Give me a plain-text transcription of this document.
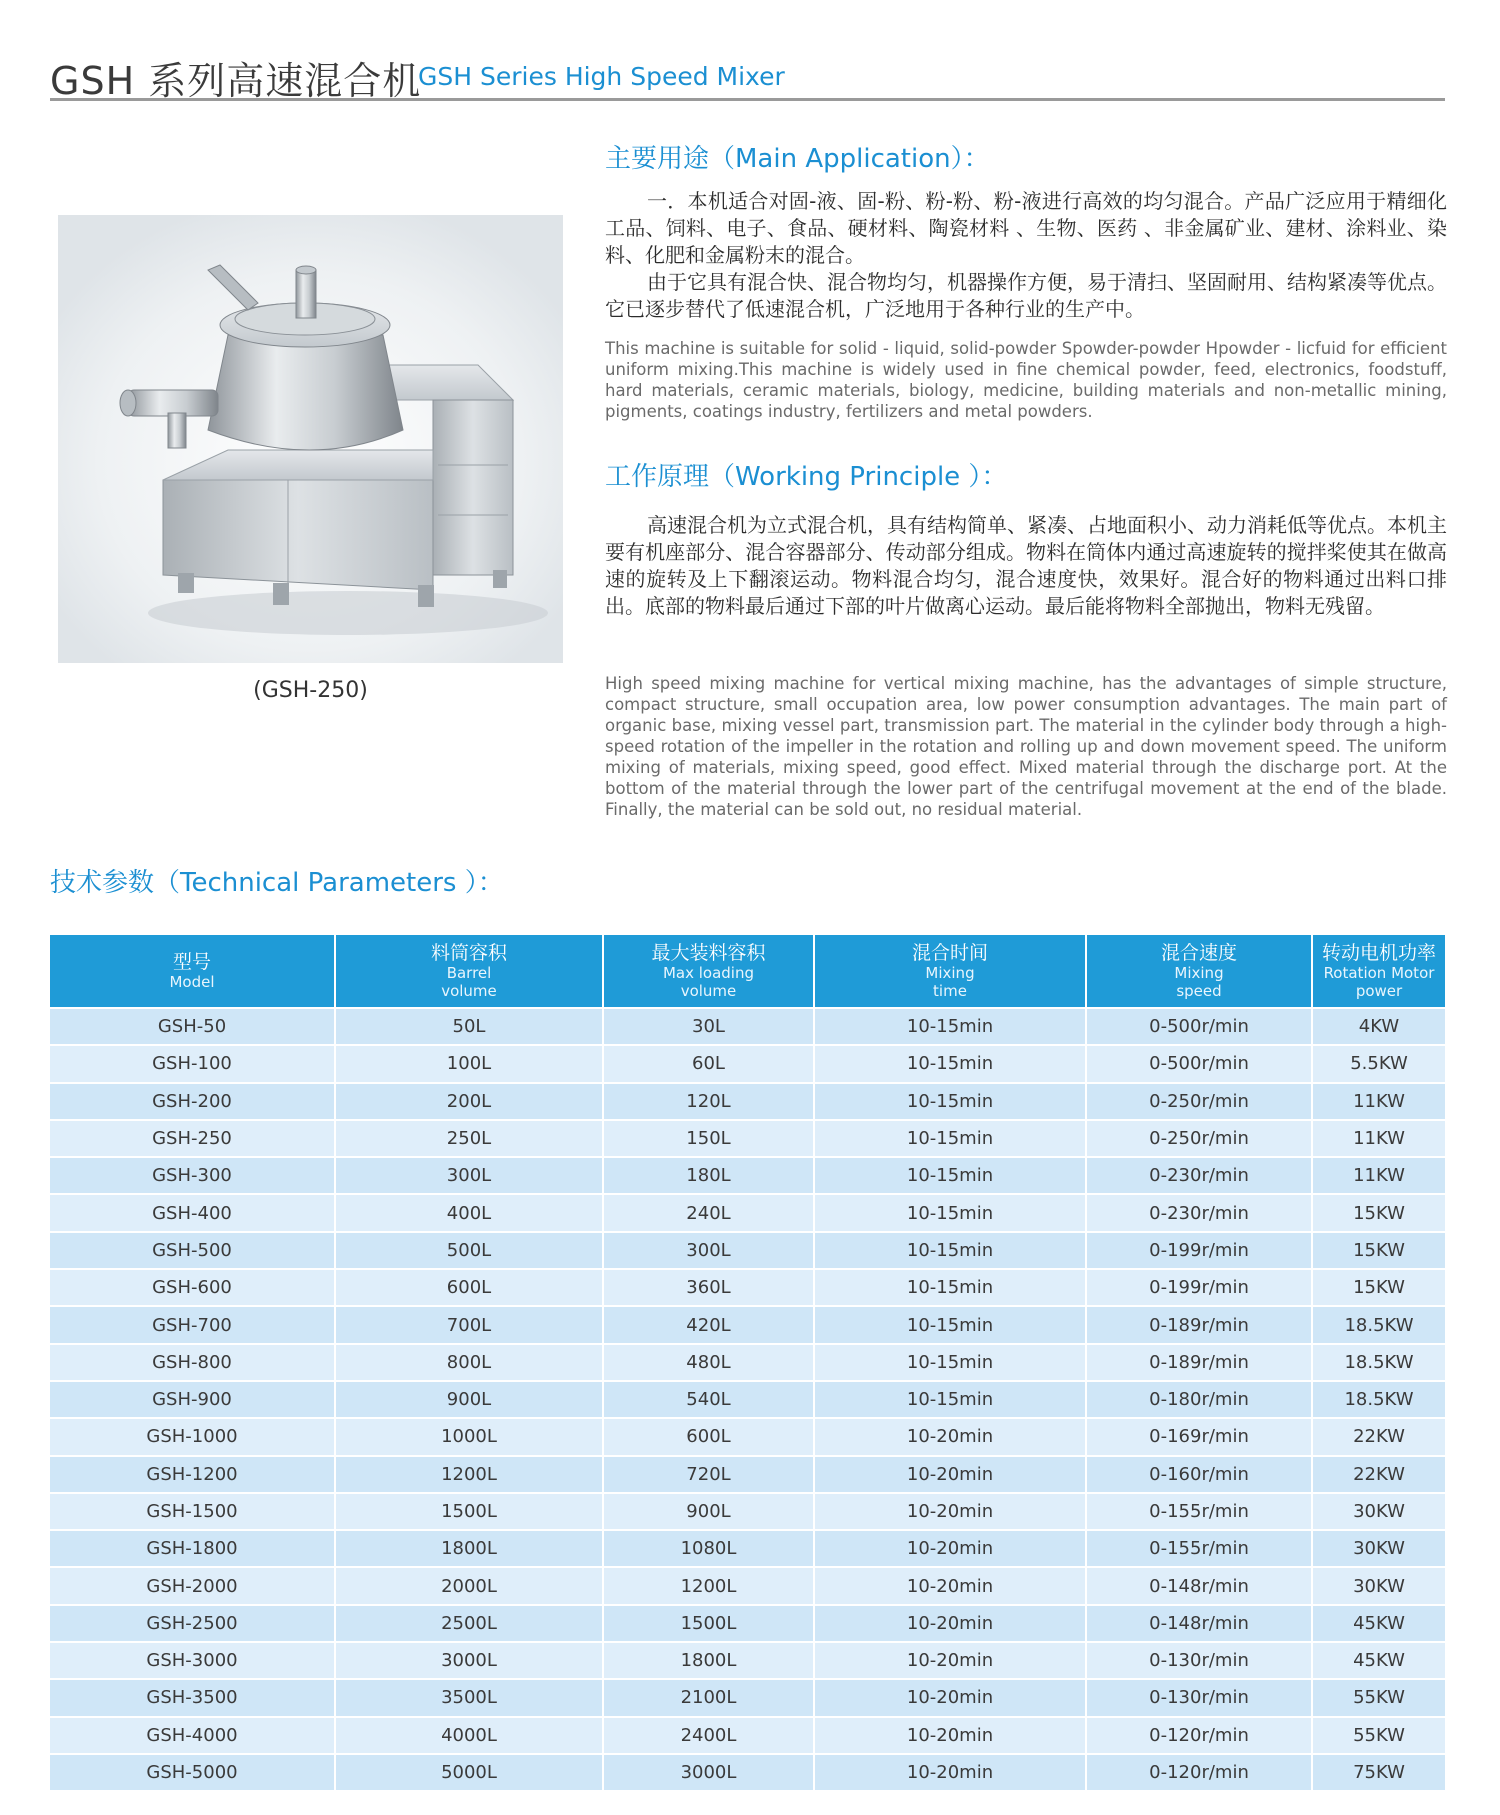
GSH 系列高速混合机
GSH Series High Speed Mixer
(GSH-250)
主要用途（Main Application）：

一．本机适合对固-液、固-粉、粉-粉、粉-液进行高效的均匀混合。产品广泛应用于精细化工品、饲料、电子、食品、硬材料、陶瓷材料 、生物、医药 、非金属矿业、建材、涂料业、染料、化肥和金属粉末的混合。

由于它具有混合快、混合物均匀，机器操作方便，易于清扫、坚固耐用、结构紧凑等优点。它已逐步替代了低速混合机，广泛地用于各种行业的生产中。

This machine is suitable for solid - liquid, solid-powder Spowder-powder Hpowder - licfuid for efficient uniform mixing.This machine is widely used in fine chemical powder, feed, electronics, foodstuff, hard materials, ceramic materials, biology, medicine, building materials and non-metallic mining, pigments, coatings industry, fertilizers and metal powders.

工作原理（Working Principle ）：

高速混合机为立式混合机，具有结构简单、紧凑、占地面积小、动力消耗低等优点。本机主要有机座部分、混合容器部分、传动部分组成。物料在筒体内通过高速旋转的搅拌桨使其在做高速的旋转及上下翻滚运动。物料混合均匀，混合速度快，效果好。混合好的物料通过出料口排出。底部的物料最后通过下部的叶片做离心运动。最后能将物料全部抛出，物料无残留。

High speed mixing machine for vertical mixing machine, has the advantages of simple structure, compact structure, small occupation area, low power consumption advantages. The main part of organic base, mixing vessel part, transmission part. The material in the cylinder body through a high-speed rotation of the impeller in the rotation and rolling up and down movement speed. The uniform mixing of materials, mixing speed, good effect. Mixed material through the discharge port. At the bottom of the material through the lower part of the centrifugal movement at the end of the blade. Finally, the material can be sold out, no residual material.

技术参数（Technical Parameters ）：
型号
Model	料筒容积
Barrel
volume	最大装料容积
Max loading
volume	混合时间
Mixing
time	混合速度
Mixing
speed	转动电机功率
Rotation Motor
power

GSH-50	50L	30L	10-15min	0-500r/min	4KW
GSH-100	100L	60L	10-15min	0-500r/min	5.5KW
GSH-200	200L	120L	10-15min	0-250r/min	11KW
GSH-250	250L	150L	10-15min	0-250r/min	11KW
GSH-300	300L	180L	10-15min	0-230r/min	11KW
GSH-400	400L	240L	10-15min	0-230r/min	15KW
GSH-500	500L	300L	10-15min	0-199r/min	15KW
GSH-600	600L	360L	10-15min	0-199r/min	15KW
GSH-700	700L	420L	10-15min	0-189r/min	18.5KW
GSH-800	800L	480L	10-15min	0-189r/min	18.5KW
GSH-900	900L	540L	10-15min	0-180r/min	18.5KW
GSH-1000	1000L	600L	10-20min	0-169r/min	22KW
GSH-1200	1200L	720L	10-20min	0-160r/min	22KW
GSH-1500	1500L	900L	10-20min	0-155r/min	30KW
GSH-1800	1800L	1080L	10-20min	0-155r/min	30KW
GSH-2000	2000L	1200L	10-20min	0-148r/min	30KW
GSH-2500	2500L	1500L	10-20min	0-148r/min	45KW
GSH-3000	3000L	1800L	10-20min	0-130r/min	45KW
GSH-3500	3500L	2100L	10-20min	0-130r/min	55KW
GSH-4000	4000L	2400L	10-20min	0-120r/min	55KW
GSH-5000	5000L	3000L	10-20min	0-120r/min	75KW
